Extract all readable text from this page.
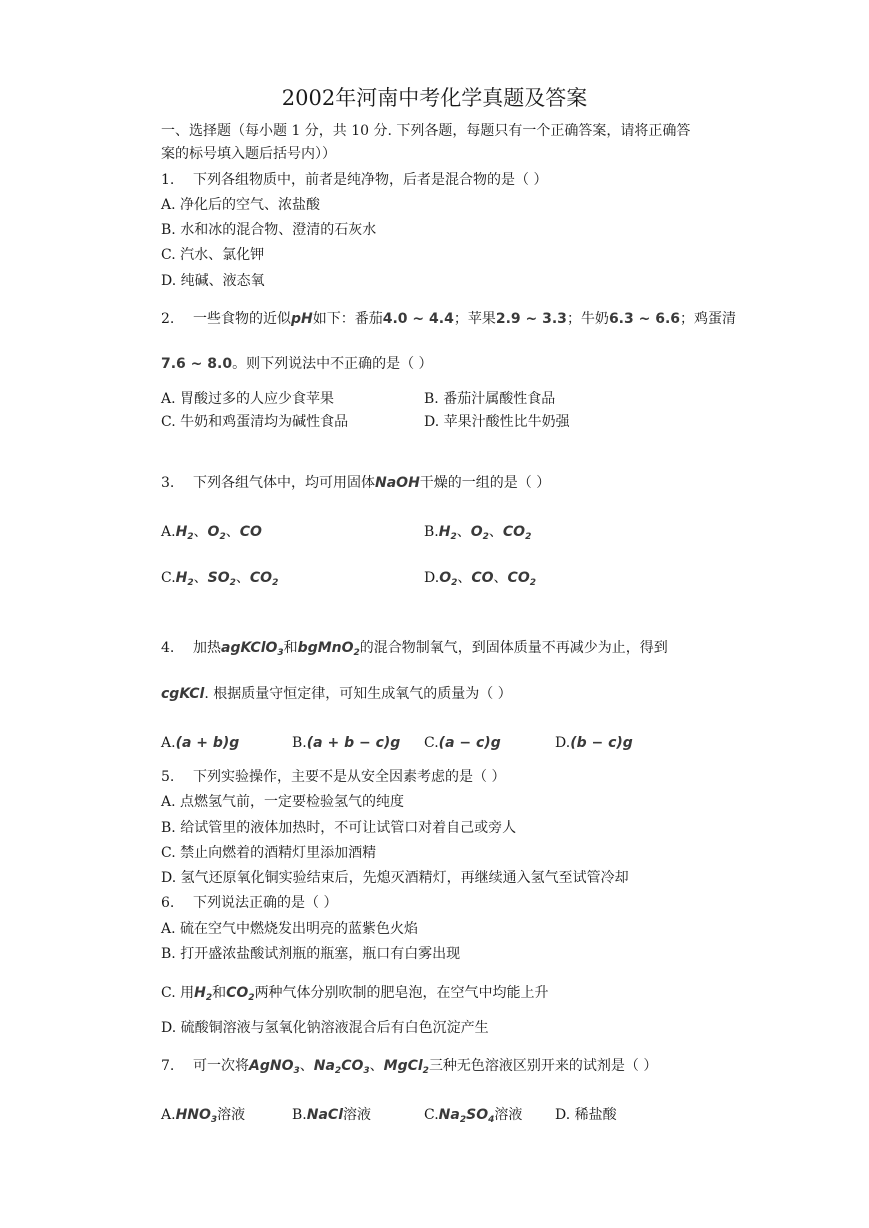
2002年河南中考化学真题及答案
一、选择题（每小题 1 分，共 10 分. 下列各题，每题只有一个正确答案，请将正确答
案的标号填入题后括号内））
1. 下列各组物质中，前者是纯净物，后者是混合物的是（ ）
A. 净化后的空气、浓盐酸
B. 水和冰的混合物、澄清的石灰水
C. 汽水、氯化钾
D. 纯碱、液态氧
2. 一些食物的近似pH如下：番茄4.0 ~ 4.4；苹果2.9 ~ 3.3；牛奶6.3 ~ 6.6；鸡蛋清
7.6 ~ 8.0。则下列说法中不正确的是（ ）
A. 胃酸过多的人应少食苹果	B. 番茄汁属酸性食品
C. 牛奶和鸡蛋清均为碱性食品	D. 苹果汁酸性比牛奶强
3. 下列各组气体中，均可用固体NaOH干燥的一组的是（ ）
$A.H_2$、$O_2$、CO	$B.H_2$、$O_2$、$CO_2$
$C.H_2$、$SO_2$、$CO_2$	$D.O_2$、CO、$CO_2$
4. 加热agKClO$_3$和bgMnO$_2$的混合物制氧气，到固体质量不再减少为止，得到
cgKCl. 根据质量守恒定律，可知生成氧气的质量为（ ）
A.(a + b)g	B.(a + b − c)g C.(a − c)g	D.(b − c)g
5. 下列实验操作，主要不是从安全因素考虑的是（ ）
A. 点燃氢气前，一定要检验氢气的纯度
B. 给试管里的液体加热时，不可让试管口对着自己或旁人
C. 禁止向燃着的酒精灯里添加酒精
D. 氢气还原氧化铜实验结束后，先熄灭酒精灯，再继续通入氢气至试管冷却
6. 下列说法正确的是（ ）
A. 硫在空气中燃烧发出明亮的蓝紫色火焰
B. 打开盛浓盐酸试剂瓶的瓶塞，瓶口有白雾出现
C. 用$H_2$和$CO_2$两种气体分别吹制的肥皂泡，在空气中均能上升
D. 硫酸铜溶液与氢氧化钠溶液混合后有白色沉淀产生
7. 可一次将AgNO$_3$、$Na_2CO_3$、MgCl$_2$三种无色溶液区别开来的试剂是（ ）
$A.HNO_3$溶液	B.NaCl溶液	$C.Na_2SO_4$溶液 D. 稀盐酸
